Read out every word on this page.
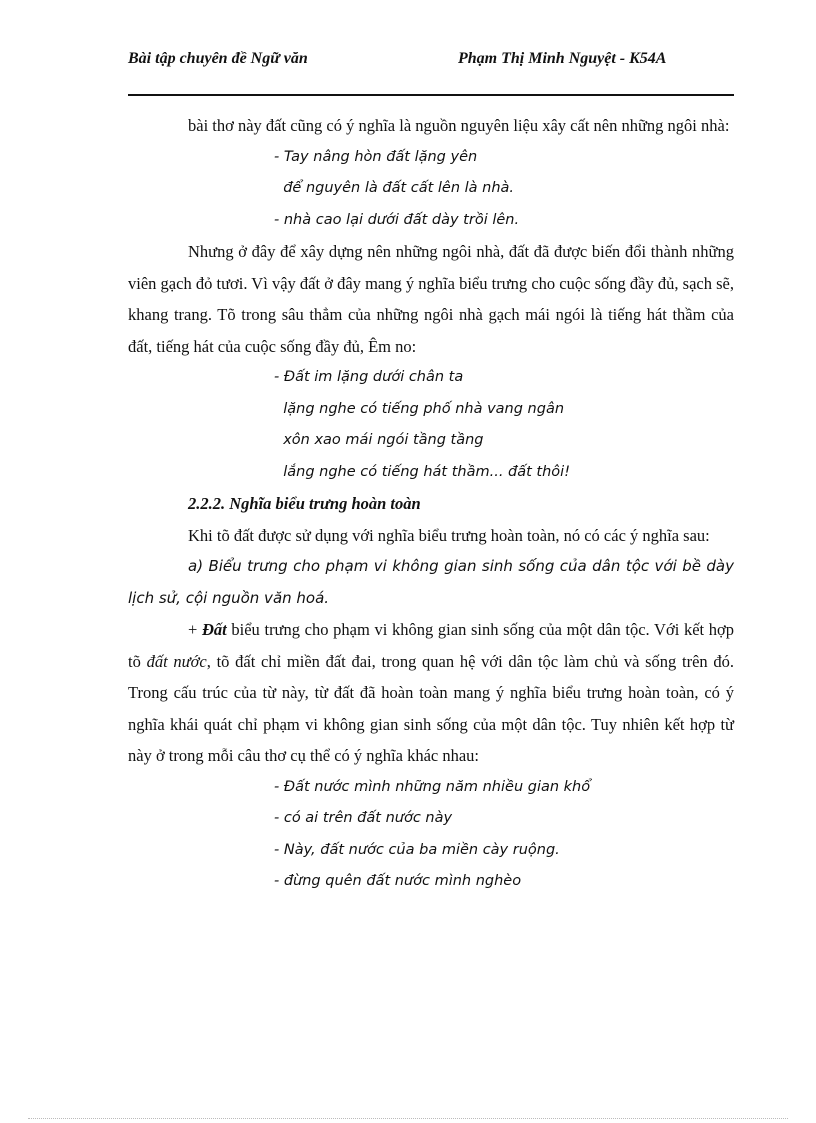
Bài tập chuyên đề Ngữ văn	Phạm Thị Minh Nguyệt - K54A

bài thơ này đất cũng có ý nghĩa là nguồn nguyên liệu xây cất nên những ngôi nhà:

- Tay nâng hòn đất lặng yên

để nguyên là đất cất lên là nhà.

- nhà cao lại dưới đất dày trồi lên.

Nhưng ở đây để xây dựng nên những ngôi nhà, đất đã được biến đổi thành những viên gạch đỏ tươi. Vì vậy đất ở đây mang ý nghĩa biểu trưng cho cuộc sống đầy đủ, sạch sẽ, khang trang. Tõ trong sâu thẳm của những ngôi nhà gạch mái ngói là tiếng hát thầm của đất, tiếng hát của cuộc sống đầy đủ, Êm no:

- Đất im lặng dưới chân ta

lặng nghe có tiếng phố nhà vang ngân

xôn xao mái ngói tầng tầng

lắng nghe có tiếng hát thầm... đất thôi!

2.2.2. Nghĩa biểu trưng hoàn toàn

Khi tõ đất được sử dụng với nghĩa biểu trưng hoàn toàn, nó có các ý nghĩa sau:

a) Biểu trưng cho phạm vi không gian sinh sống của dân tộc với bề dày lịch sử, cội nguồn văn hoá.

+ Đất biểu trưng cho phạm vi không gian sinh sống của một dân tộc. Với kết hợp tõ đất nước, tõ đất chỉ miền đất đai, trong quan hệ với dân tộc làm chủ và sống trên đó. Trong cấu trúc của từ này, từ đất đã hoàn toàn mang ý nghĩa biểu trưng hoàn toàn, có ý nghĩa khái quát chỉ phạm vi không gian sinh sống của một dân tộc. Tuy nhiên kết hợp từ này ở trong mỗi câu thơ cụ thể có ý nghĩa khác nhau:

- Đất nước mình những năm nhiều gian khổ

- có ai trên đất nước này

- Này, đất nước của ba miền cày ruộng.

- đừng quên đất nước mình nghèo
